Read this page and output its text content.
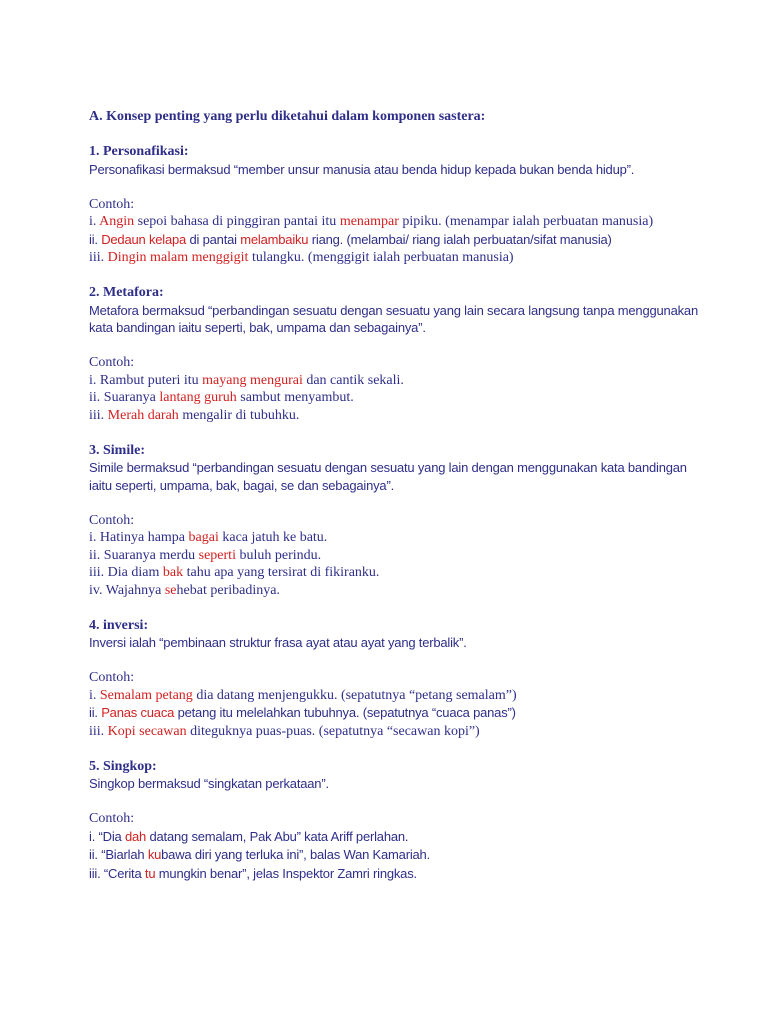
A. Konsep penting yang perlu diketahui dalam komponen sastera:

1. Personafikasi:

Personafikasi bermaksud “member unsur manusia atau benda hidup kepada bukan benda hidup”.

Contoh:

i. Angin sepoi bahasa di pinggiran pantai itu menampar pipiku. (menampar ialah perbuatan manusia)

ii. Dedaun kelapa di pantai melambaiku riang. (melambai/ riang ialah perbuatan/sifat manusia)

iii. Dingin malam menggigit tulangku. (menggigit ialah perbuatan manusia)

2. Metafora:

Metafora bermaksud “perbandingan sesuatu dengan sesuatu yang lain secara langsung tanpa menggunakan kata bandingan iaitu seperti, bak, umpama dan sebagainya”.

Contoh:

i. Rambut puteri itu mayang mengurai dan cantik sekali.

ii. Suaranya lantang guruh sambut menyambut.

iii. Merah darah mengalir di tubuhku.

3. Simile:

Simile bermaksud “perbandingan sesuatu dengan sesuatu yang lain dengan menggunakan kata bandingan iaitu seperti, umpama, bak, bagai, se dan sebagainya”.

Contoh:

i. Hatinya hampa bagai kaca jatuh ke batu.

ii. Suaranya merdu seperti buluh perindu.

iii. Dia diam bak tahu apa yang tersirat di fikiranku.

iv. Wajahnya sehebat peribadinya.

4. inversi:

Inversi ialah “pembinaan struktur frasa ayat atau ayat yang terbalik”.

Contoh:

i. Semalam petang dia datang menjengukku. (sepatutnya “petang semalam”)

ii. Panas cuaca petang itu melelahkan tubuhnya. (sepatutnya “cuaca panas”)

iii. Kopi secawan diteguknya puas-puas. (sepatutnya “secawan kopi”)

5. Singkop:

Singkop bermaksud “singkatan perkataan”.

Contoh:

i. “Dia dah datang semalam, Pak Abu” kata Ariff perlahan.

ii. “Biarlah kubawa diri yang terluka ini”, balas Wan Kamariah.

iii. “Cerita tu mungkin benar”, jelas Inspektor Zamri ringkas.
